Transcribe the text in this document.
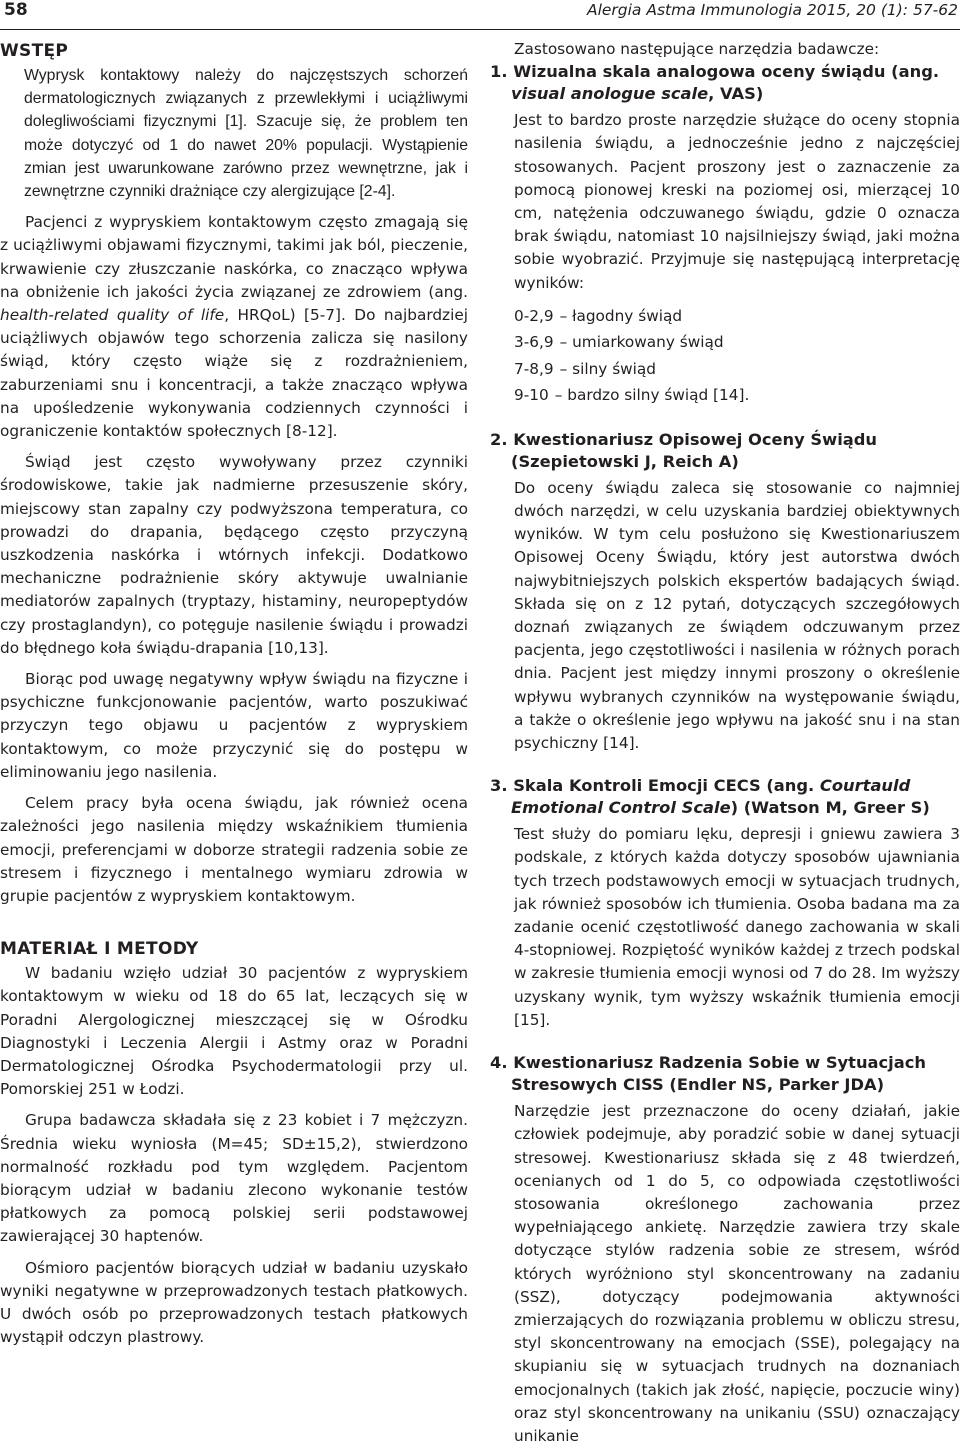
58	Alergia Astma Immunologia 2015, 20 (1): 57-62
WSTĘP

Wyprysk kontaktowy należy do najczęstszych schorzeń dermatologicznych związanych z przewlekłymi i uciążliwymi dolegliwościami fizycznymi [1]. Szacuje się, że problem ten może dotyczyć od 1 do nawet 20% populacji. Wystąpienie zmian jest uwarunkowane zarówno przez wewnętrzne, jak i zewnętrzne czynniki drażniące czy alergizujące [2-4].

Pacjenci z wypryskiem kontaktowym często zmagają się z uciążliwymi objawami fizycznymi, takimi jak ból, pieczenie, krwawienie czy złuszczanie naskórka, co znacząco wpływa na obniżenie ich jakości życia związanej ze zdrowiem (ang. health-related quality of life, HRQoL) [5-7]. Do najbardziej uciążliwych objawów tego schorzenia zalicza się nasilony świąd, który często wiąże się z rozdrażnieniem, zaburzeniami snu i koncentracji, a także znacząco wpływa na upośledzenie wykonywania codziennych czynności i ograniczenie kontaktów społecznych [8-12].

Świąd jest często wywoływany przez czynniki środowiskowe, takie jak nadmierne przesuszenie skóry, miejscowy stan zapalny czy podwyższona temperatura, co prowadzi do drapania, będącego często przyczyną uszkodzenia naskórka i wtórnych infekcji. Dodatkowo mechaniczne podrażnienie skóry aktywuje uwalnianie mediatorów zapalnych (tryptazy, histaminy, neuropeptydów czy prostaglandyn), co potęguje nasilenie świądu i prowadzi do błędnego koła świądu-drapania [10,13].

Biorąc pod uwagę negatywny wpływ świądu na fizyczne i psychiczne funkcjonowanie pacjentów, warto poszukiwać przyczyn tego objawu u pacjentów z wypryskiem kontaktowym, co może przyczynić się do postępu w eliminowaniu jego nasilenia.

Celem pracy była ocena świądu, jak również ocena zależności jego nasilenia między wskaźnikiem tłumienia emocji, preferencjami w doborze strategii radzenia sobie ze stresem i fizycznego i mentalnego wymiaru zdrowia w grupie pacjentów z wypryskiem kontaktowym.

MATERIAŁ I METODY

W badaniu wzięło udział 30 pacjentów z wypryskiem kontaktowym w wieku od 18 do 65 lat, leczących się w Poradni Alergologicznej mieszczącej się w Ośrodku Diagnostyki i Leczenia Alergii i Astmy oraz w Poradni Dermatologicznej Ośrodka Psychodermatologii przy ul. Pomorskiej 251 w Łodzi.

Grupa badawcza składała się z 23 kobiet i 7 mężczyzn. Średnia wieku wyniosła (M=45; SD±15,2), stwierdzono normalność rozkładu pod tym względem. Pacjentom biorącym udział w badaniu zlecono wykonanie testów płatkowych za pomocą polskiej serii podstawowej zawierającej 30 haptenów.

Ośmioro pacjentów biorących udział w badaniu uzyskało wyniki negatywne w przeprowadzonych testach płatkowych. U dwóch osób po przeprowadzonych testach płatkowych wystąpił odczyn plastrowy.

Zastosowano następujące narzędzia badawcze:

1. Wizualna skala analogowa oceny świądu (ang. visual anologue scale, VAS)

Jest to bardzo proste narzędzie służące do oceny stopnia nasilenia świądu, a jednocześnie jedno z najczęściej stosowanych. Pacjent proszony jest o zaznaczenie za pomocą pionowej kreski na poziomej osi, mierzącej 10 cm, natężenia odczuwanego świądu, gdzie 0 oznacza brak świądu, natomiast 10 najsilniejszy świąd, jaki można sobie wyobrazić. Przyjmuje się następującą interpretację wyników:

0-2,9 – łagodny świąd
3-6,9 – umiarkowany świąd
7-8,9 – silny świąd
9-10 – bardzo silny świąd [14].
2. Kwestionariusz Opisowej Oceny Świądu (Szepietowski J, Reich A)

Do oceny świądu zaleca się stosowanie co najmniej dwóch narzędzi, w celu uzyskania bardziej obiektywnych wyników. W tym celu posłużono się Kwestionariuszem Opisowej Oceny Świądu, który jest autorstwa dwóch najwybitniejszych polskich ekspertów badających świąd. Składa się on z 12 pytań, dotyczących szczegółowych doznań związanych ze świądem odczuwanym przez pacjenta, jego częstotliwości i nasilenia w różnych porach dnia. Pacjent jest między innymi proszony o określenie wpływu wybranych czynników na występowanie świądu, a także o określenie jego wpływu na jakość snu i na stan psychiczny [14].

3. Skala Kontroli Emocji CECS (ang. Courtauld Emotional Control Scale) (Watson M, Greer S)

Test służy do pomiaru lęku, depresji i gniewu zawiera 3 podskale, z których każda dotyczy sposobów ujawniania tych trzech podstawowych emocji w sytuacjach trudnych, jak również sposobów ich tłumienia. Osoba badana ma za zadanie ocenić częstotliwość danego zachowania w skali 4-stopniowej. Rozpiętość wyników każdej z trzech podskal w zakresie tłumienia emocji wynosi od 7 do 28. Im wyższy uzyskany wynik, tym wyższy wskaźnik tłumienia emocji [15].

4. Kwestionariusz Radzenia Sobie w Sytuacjach Stresowych CISS (Endler NS, Parker JDA)

Narzędzie jest przeznaczone do oceny działań, jakie człowiek podejmuje, aby poradzić sobie w danej sytuacji stresowej. Kwestionariusz składa się z 48 twierdzeń, ocenianych od 1 do 5, co odpowiada częstotliwości stosowania określonego zachowania przez wypełniającego ankietę. Narzędzie zawiera trzy skale dotyczące stylów radzenia sobie ze stresem, wśród których wyróżniono styl skoncentrowany na zadaniu (SSZ), dotyczący podejmowania aktywności zmierzających do rozwiązania problemu w obliczu stresu, styl skoncentrowany na emocjach (SSE), polegający na skupianiu się w sytuacjach trudnych na doznaniach emocjonalnych (takich jak złość, napięcie, poczucie winy) oraz styl skoncentrowany na unikaniu (SSU) oznaczający unikanie
